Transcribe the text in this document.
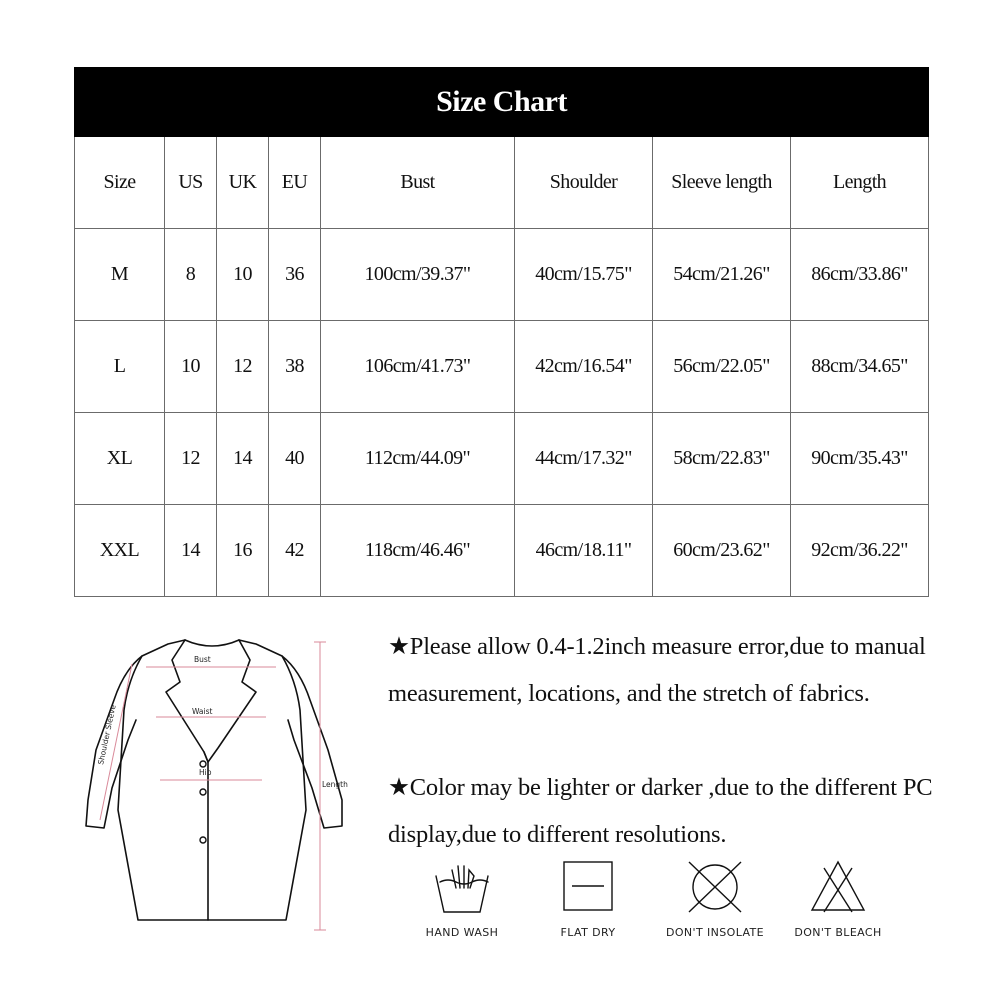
Size Chart							
Size	US	UK	EU	Bust	Shoulder	Sleeve length	Length
M	8	10	36	100cm/39.37"	40cm/15.75"	54cm/21.26"	86cm/33.86"
L	10	12	38	106cm/41.73"	42cm/16.54"	56cm/22.05"	88cm/34.65"
XL	12	14	40	112cm/44.09"	44cm/17.32"	58cm/22.83"	90cm/35.43"
XXL	14	16	42	118cm/46.46"	46cm/18.11"	60cm/23.62"	92cm/36.22"
Bust
Waist
Hip
Shoulder Sleeve
Length
★Please allow 0.4-1.2inch measure error,due to manual measurement, locations, and the stretch of fabrics.
★Color may be lighter or darker ,due to the different PC display,due to different resolutions.
HAND WASH	FLAT DRY	DON'T INSOLATE	DON'T BLEACH
